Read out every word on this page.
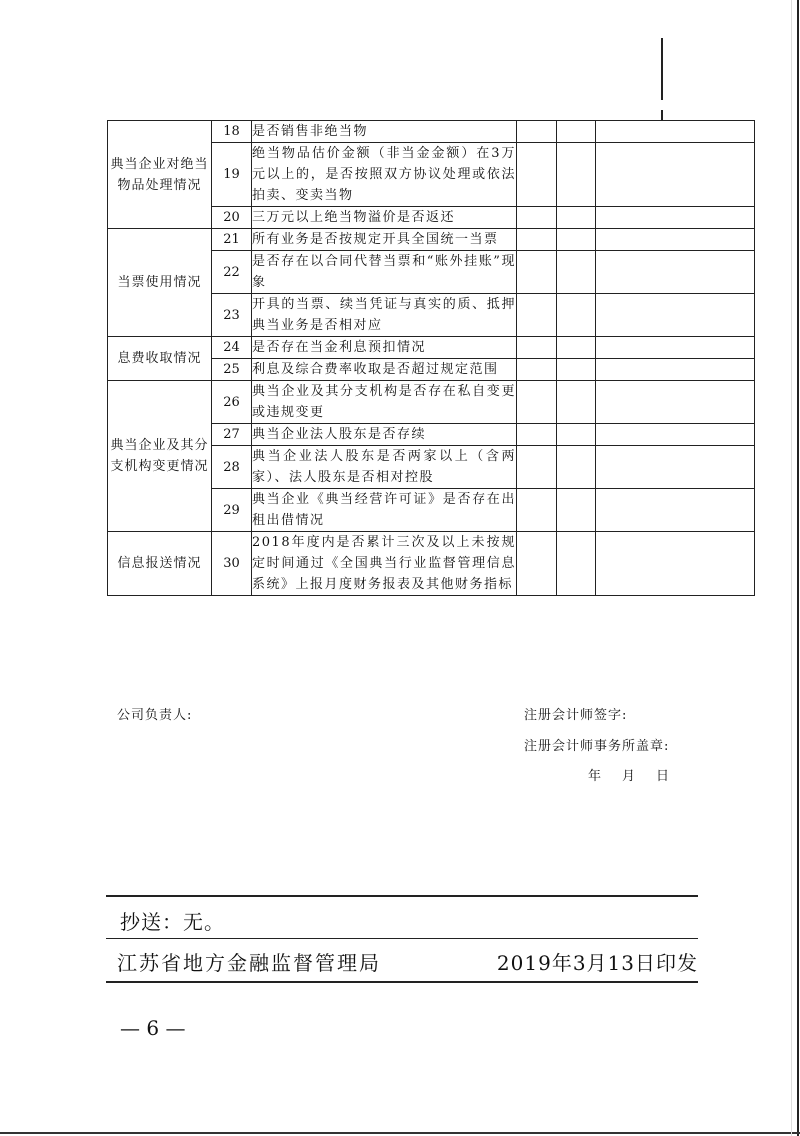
典当企业对绝当物品处理情况	18	是否销售非绝当物			
	19	绝当物品估价金额（非当金金额）在3万元以上的，是否按照双方协议处理或依法拍卖、变卖当物			
	20	三万元以上绝当物溢价是否返还			
当票使用情况	21	所有业务是否按规定开具全国统一当票			
	22	是否存在以合同代替当票和“账外挂账”现象			
	23	开具的当票、续当凭证与真实的质、抵押典当业务是否相对应			
息费收取情况	24	是否存在当金利息预扣情况			
	25	利息及综合费率收取是否超过规定范围			
典当企业及其分支机构变更情况	26	典当企业及其分支机构是否存在私自变更或违规变更			
	27	典当企业法人股东是否存续			
	28	典当企业法人股东是否两家以上（含两家）、法人股东是否相对控股			
	29	典当企业《典当经营许可证》是否存在出租出借情况			
信息报送情况	30	2018年度内是否累计三次及以上未按规定时间通过《全国典当行业监督管理信息系统》上报月度财务报表及其他财务指标			
公司负责人:	注册会计师签字:
注册会计师事务所盖章:
年　月　日
抄送：无。
江苏省地方金融监督管理局	2019年3月13日印发
— 6 —
